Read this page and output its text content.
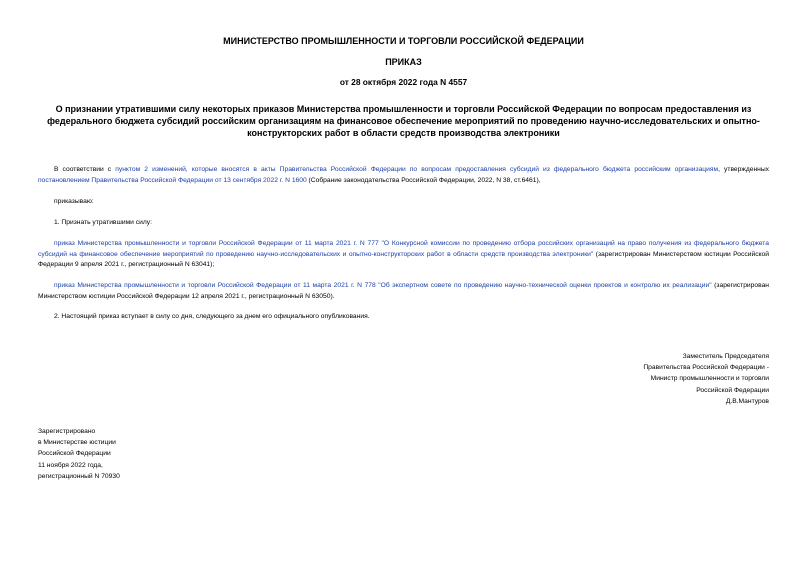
МИНИСТЕРСТВО ПРОМЫШЛЕННОСТИ И ТОРГОВЛИ РОССИЙСКОЙ ФЕДЕРАЦИИ
ПРИКАЗ
от 28 октября 2022 года N 4557
О признании утратившими силу некоторых приказов Министерства промышленности и торговли Российской Федерации по вопросам предоставления из федерального бюджета субсидий российским организациям на финансовое обеспечение мероприятий по проведению научно-исследовательских и опытно-конструкторских работ в области средств производства электроники
В соответствии с пунктом 2 изменений, которые вносятся в акты Правительства Российской Федерации по вопросам предоставления субсидий из федерального бюджета российским организациям, утвержденных постановлением Правительства Российской Федерации от 13 сентября 2022 г. N 1600 (Собрание законодательства Российской Федерации, 2022, N 38, ст.6461),
приказываю:
1. Признать утратившими силу:
приказ Министерства промышленности и торговли Российской Федерации от 11 марта 2021 г. N 777 "О Конкурсной комиссии по проведению отбора российских организаций на право получения из федерального бюджета субсидий на финансовое обеспечение мероприятий по проведению научно-исследовательских и опытно-конструкторских работ в области средств производства электроники" (зарегистрирован Министерством юстиции Российской Федерации 9 апреля 2021 г., регистрационный N 63041);
приказ Министерства промышленности и торговли Российской Федерации от 11 марта 2021 г. N 778 "Об экспертном совете по проведению научно-технической оценки проектов и контролю их реализации" (зарегистрирован Министерством юстиции Российской Федерации 12 апреля 2021 г., регистрационный N 63050).
2. Настоящий приказ вступает в силу со дня, следующего за днем его официального опубликования.
Заместитель Председателя
Правительства Российской Федерации -
Министр промышленности и торговли
Российской Федерации
Д.В.Мантуров
Зарегистрировано
в Министерстве юстиции
Российской Федерации
11 ноября 2022 года,
регистрационный N 70930
